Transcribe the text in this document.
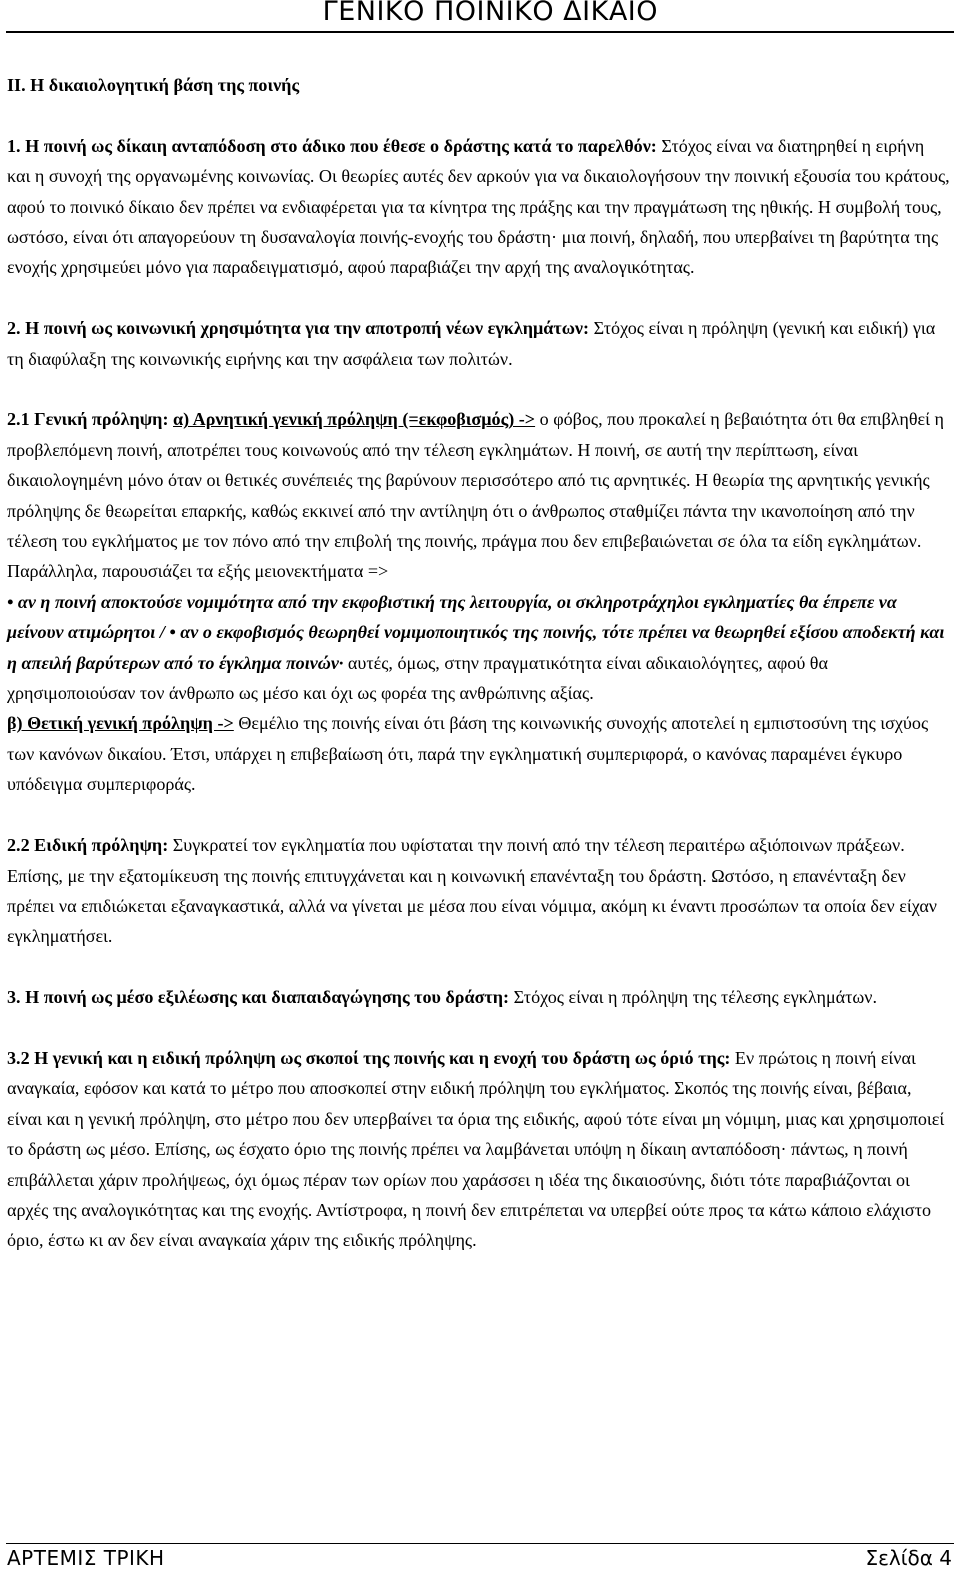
ΓΕΝΙΚΟ ΠΟΙΝΙΚΟ ΔΙΚΑΙΟ

ΙΙ. Η δικαιολογητική βάση της ποινής

1. Η ποινή ως δίκαιη ανταπόδοση στο άδικο που έθεσε ο δράστης κατά το παρελθόν: Στόχος είναι να διατηρηθεί η ειρήνη και η συνοχή της οργανωμένης κοινωνίας. Οι θεωρίες αυτές δεν αρκούν για να δικαιολογήσουν την ποινική εξουσία του κράτους, αφού το ποινικό δίκαιο δεν πρέπει να ενδιαφέρεται για τα κίνητρα της πράξης και την πραγμάτωση της ηθικής. Η συμβολή τους, ωστόσο, είναι ότι απαγορεύουν τη δυσαναλογία ποινής-ενοχής του δράστη· μια ποινή, δηλαδή, που υπερβαίνει τη βαρύτητα της ενοχής χρησιμεύει μόνο για παραδειγματισμό, αφού παραβιάζει την αρχή της αναλογικότητας.

2. Η ποινή ως κοινωνική χρησιμότητα για την αποτροπή νέων εγκλημάτων: Στόχος είναι η πρόληψη (γενική και ειδική) για τη διαφύλαξη της κοινωνικής ειρήνης και την ασφάλεια των πολιτών.

2.1 Γενική πρόληψη: α) Αρνητική γενική πρόληψη (=εκφοβισμός) -> ο φόβος, που προκαλεί η βεβαιότητα ότι θα επιβληθεί η προβλεπόμενη ποινή, αποτρέπει τους κοινωνούς από την τέλεση εγκλημάτων. Η ποινή, σε αυτή την περίπτωση, είναι δικαιολογημένη μόνο όταν οι θετικές συνέπειές της βαρύνουν περισσότερο από τις αρνητικές. Η θεωρία της αρνητικής γενικής πρόληψης δε θεωρείται επαρκής, καθώς εκκινεί από την αντίληψη ότι ο άνθρωπος σταθμίζει πάντα την ικανοποίηση από την τέλεση του εγκλήματος με τον πόνο από την επιβολή της ποινής, πράγμα που δεν επιβεβαιώνεται σε όλα τα είδη εγκλημάτων. Παράλληλα, παρουσιάζει τα εξής μειονεκτήματα =>
• αν η ποινή αποκτούσε νομιμότητα από την εκφοβιστική της λειτουργία, οι σκληροτράχηλοι εγκληματίες θα έπρεπε να μείνουν ατιμώρητοι / • αν ο εκφοβισμός θεωρηθεί νομιμοποιητικός της ποινής, τότε πρέπει να θεωρηθεί εξίσου αποδεκτή και η απειλή βαρύτερων από το έγκλημα ποινών· αυτές, όμως, στην πραγματικότητα είναι αδικαιολόγητες, αφού θα χρησιμοποιούσαν τον άνθρωπο ως μέσο και όχι ως φορέα της ανθρώπινης αξίας.
β) Θετική γενική πρόληψη -> Θεμέλιο της ποινής είναι ότι βάση της κοινωνικής συνοχής αποτελεί η εμπιστοσύνη της ισχύος των κανόνων δικαίου. Έτσι, υπάρχει η επιβεβαίωση ότι, παρά την εγκληματική συμπεριφορά, ο κανόνας παραμένει έγκυρο υπόδειγμα συμπεριφοράς.

2.2 Ειδική πρόληψη: Συγκρατεί τον εγκληματία που υφίσταται την ποινή από την τέλεση περαιτέρω αξιόποινων πράξεων. Επίσης, με την εξατομίκευση της ποινής επιτυγχάνεται και η κοινωνική επανένταξη του δράστη. Ωστόσο, η επανένταξη δεν πρέπει να επιδιώκεται εξαναγκαστικά, αλλά να γίνεται με μέσα που είναι νόμιμα, ακόμη κι έναντι προσώπων τα οποία δεν είχαν εγκληματήσει.

3. Η ποινή ως μέσο εξιλέωσης και διαπαιδαγώγησης του δράστη: Στόχος είναι η πρόληψη της τέλεσης εγκλημάτων.

3.2 Η γενική και η ειδική πρόληψη ως σκοποί της ποινής και η ενοχή του δράστη ως όριό της: Εν πρώτοις η ποινή είναι αναγκαία, εφόσον και κατά το μέτρο που αποσκοπεί στην ειδική πρόληψη του εγκλήματος. Σκοπός της ποινής είναι, βέβαια, είναι και η γενική πρόληψη, στο μέτρο που δεν υπερβαίνει τα όρια της ειδικής, αφού τότε είναι μη νόμιμη, μιας και χρησιμοποιεί το δράστη ως μέσο. Επίσης, ως έσχατο όριο της ποινής πρέπει να λαμβάνεται υπόψη η δίκαιη ανταπόδοση· πάντως, η ποινή επιβάλλεται χάριν προλήψεως, όχι όμως πέραν των ορίων που χαράσσει η ιδέα της δικαιοσύνης, διότι τότε παραβιάζονται οι αρχές της αναλογικότητας και της ενοχής. Αντίστροφα, η ποινή δεν επιτρέπεται να υπερβεί ούτε προς τα κάτω κάποιο ελάχιστο όριο, έστω κι αν δεν είναι αναγκαία χάριν της ειδικής πρόληψης.

ΑΡΤΕΜΙΣ ΤΡΙΚΗ	Σελίδα 4
